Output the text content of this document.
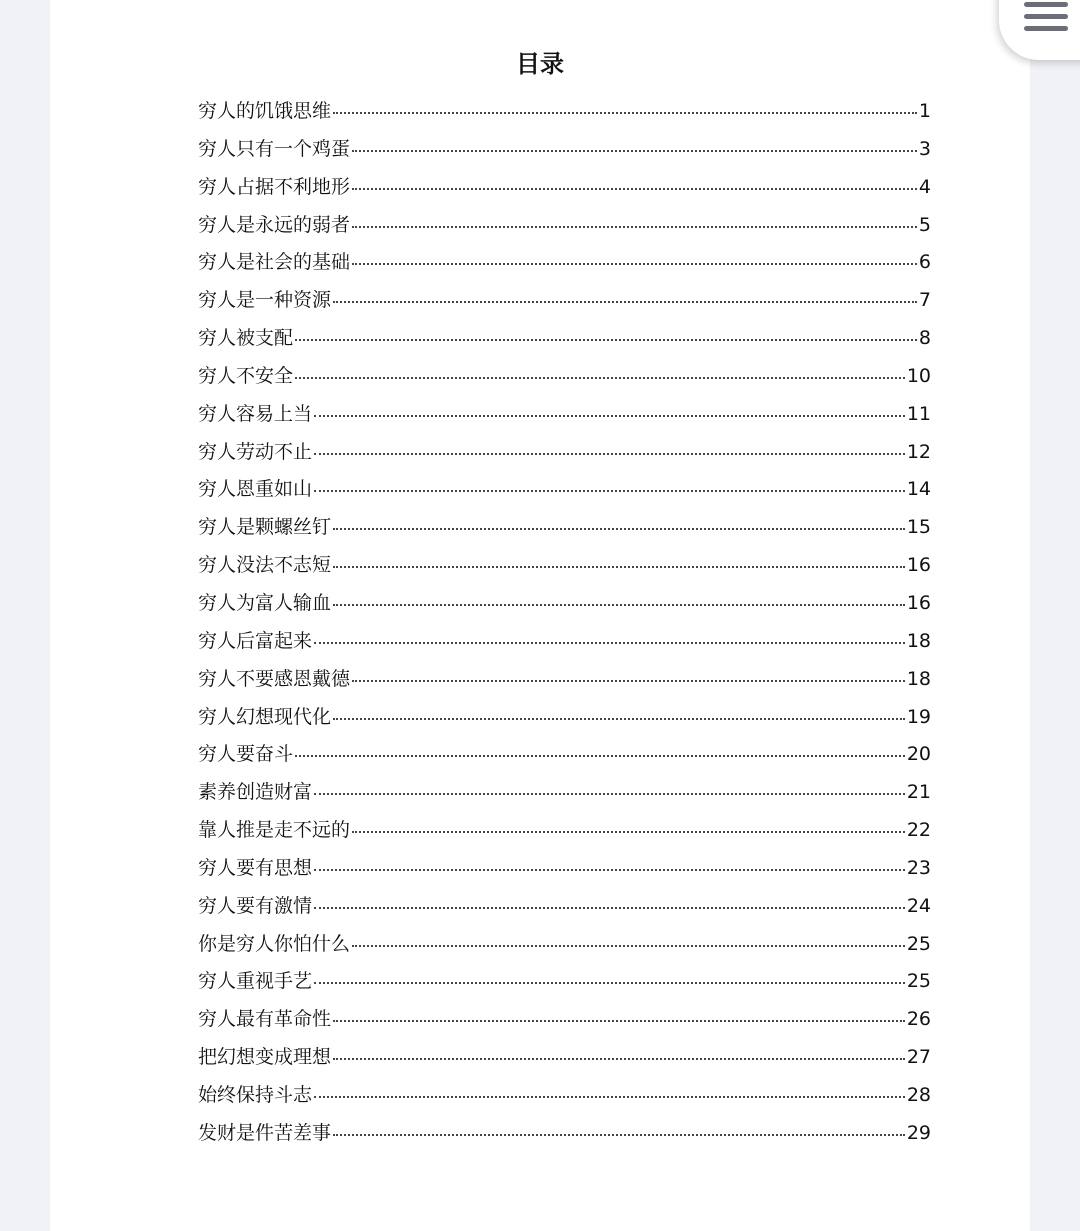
目录
穷人的饥饿思维	1
穷人只有一个鸡蛋	3
穷人占据不利地形	4
穷人是永远的弱者	5
穷人是社会的基础	6
穷人是一种资源	7
穷人被支配	8
穷人不安全	10
穷人容易上当	11
穷人劳动不止	12
穷人恩重如山	14
穷人是颗螺丝钉	15
穷人没法不志短	16
穷人为富人输血	16
穷人后富起来	18
穷人不要感恩戴德	18
穷人幻想现代化	19
穷人要奋斗	20
素养创造财富	21
靠人推是走不远的	22
穷人要有思想	23
穷人要有激情	24
你是穷人你怕什么	25
穷人重视手艺	25
穷人最有革命性	26
把幻想变成理想	27
始终保持斗志	28
发财是件苦差事	29
